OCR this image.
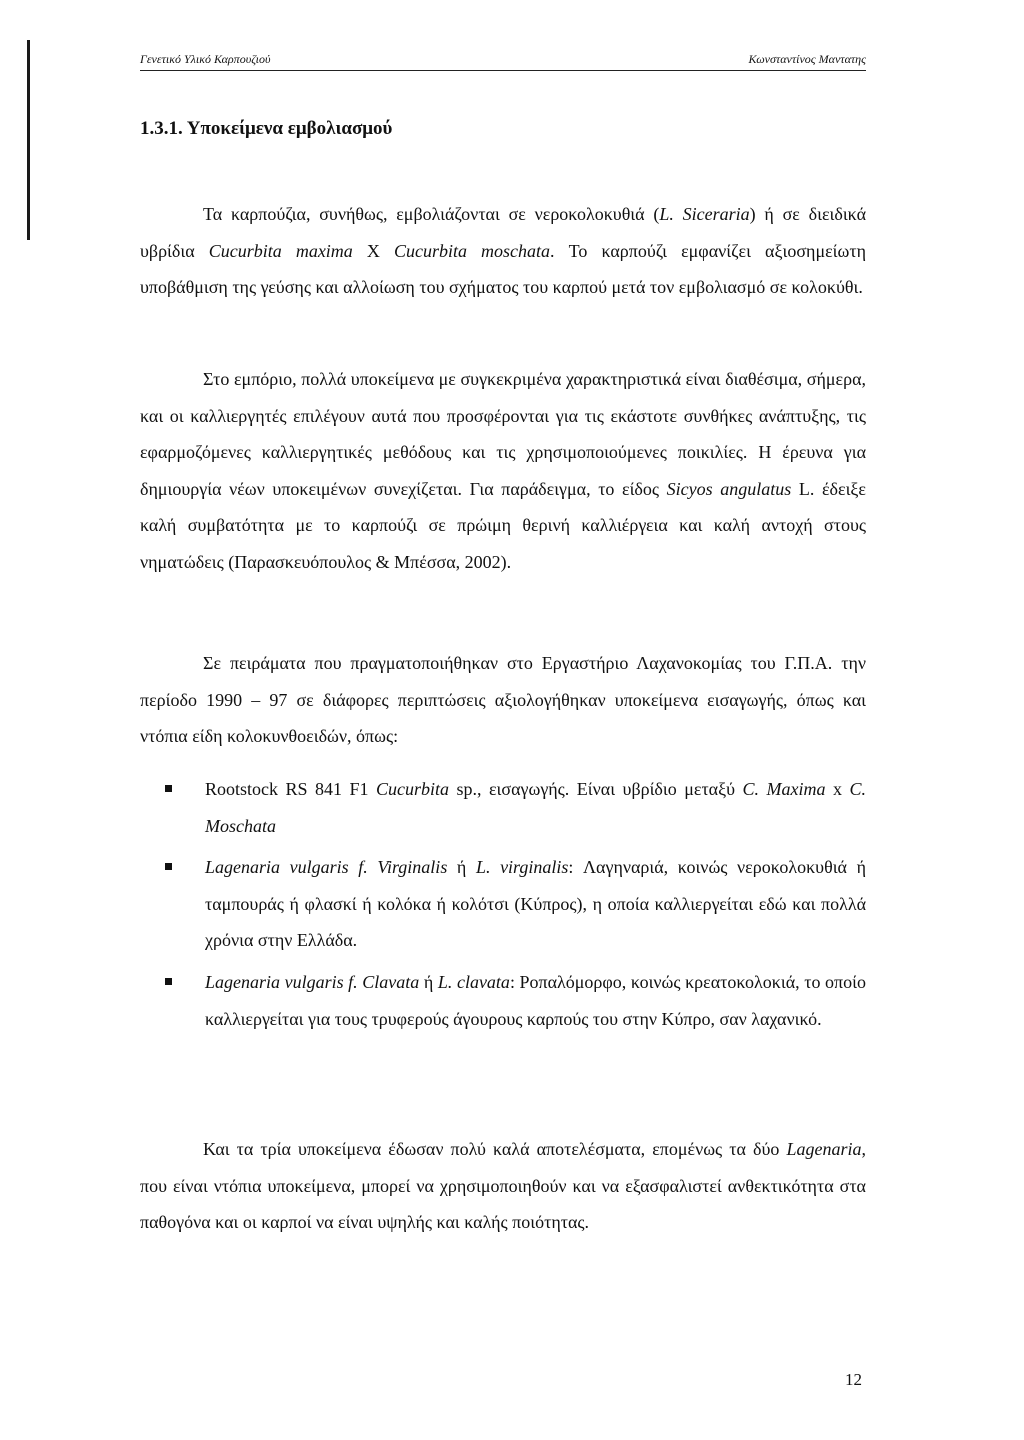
Γενετικό Υλικό Καρπουζιού	Κωνσταντίνος Μαντατης
1.3.1. Υποκείμενα εμβολιασμού

Τα καρπούζια, συνήθως, εμβολιάζονται σε νεροκολοκυθιά (L. Siceraria) ή σε διειδικά υβρίδια Cucurbita maxima X Cucurbita moschata. Το καρπούζι εμφανίζει αξιοσημείωτη υποβάθμιση της γεύσης και αλλοίωση του σχήματος του καρπού μετά τον εμβολιασμό σε κολοκύθι.

Στο εμπόριο, πολλά υποκείμενα με συγκεκριμένα χαρακτηριστικά είναι διαθέσιμα, σήμερα, και οι καλλιεργητές επιλέγουν αυτά που προσφέρονται για τις εκάστοτε συνθήκες ανάπτυξης, τις εφαρμοζόμενες καλλιεργητικές μεθόδους και τις χρησιμοποιούμενες ποικιλίες. Η έρευνα για δημιουργία νέων υποκειμένων συνεχίζεται. Για παράδειγμα, το είδος Sicyos angulatus L. έδειξε καλή συμβατότητα με το καρπούζι σε πρώιμη θερινή καλλιέργεια και καλή αντοχή στους νηματώδεις (Παρασκευόπουλος & Μπέσσα, 2002).

Σε πειράματα που πραγματοποιήθηκαν στο Εργαστήριο Λαχανοκομίας του Γ.Π.Α. την περίοδο 1990 – 97 σε διάφορες περιπτώσεις αξιολογήθηκαν υποκείμενα εισαγωγής, όπως και ντόπια είδη κολοκυνθοειδών, όπως:

Rootstock RS 841 F1 Cucurbita sp., εισαγωγής. Είναι υβρίδιο μεταξύ C. Maxima x C. Moschata
Lagenaria vulgaris f. Virginalis ή L. virginalis: Λαγηναριά, κοινώς νεροκολοκυθιά ή ταμπουράς ή φλασκί ή κολόκα ή κολότσι (Κύπρος), η οποία καλλιεργείται εδώ και πολλά χρόνια στην Ελλάδα.
Lagenaria vulgaris f. Clavata ή L. clavata: Ροπαλόμορφο, κοινώς κρεατοκολοκιά, το οποίο καλλιεργείται για τους τρυφερούς άγουρους καρπούς του στην Κύπρο, σαν λαχανικό.

Και τα τρία υποκείμενα έδωσαν πολύ καλά αποτελέσματα, επομένως τα δύο Lagenaria, που είναι ντόπια υποκείμενα, μπορεί να χρησιμοποιηθούν και να εξασφαλιστεί ανθεκτικότητα στα παθογόνα και οι καρποί να είναι υψηλής και καλής ποιότητας.

12
